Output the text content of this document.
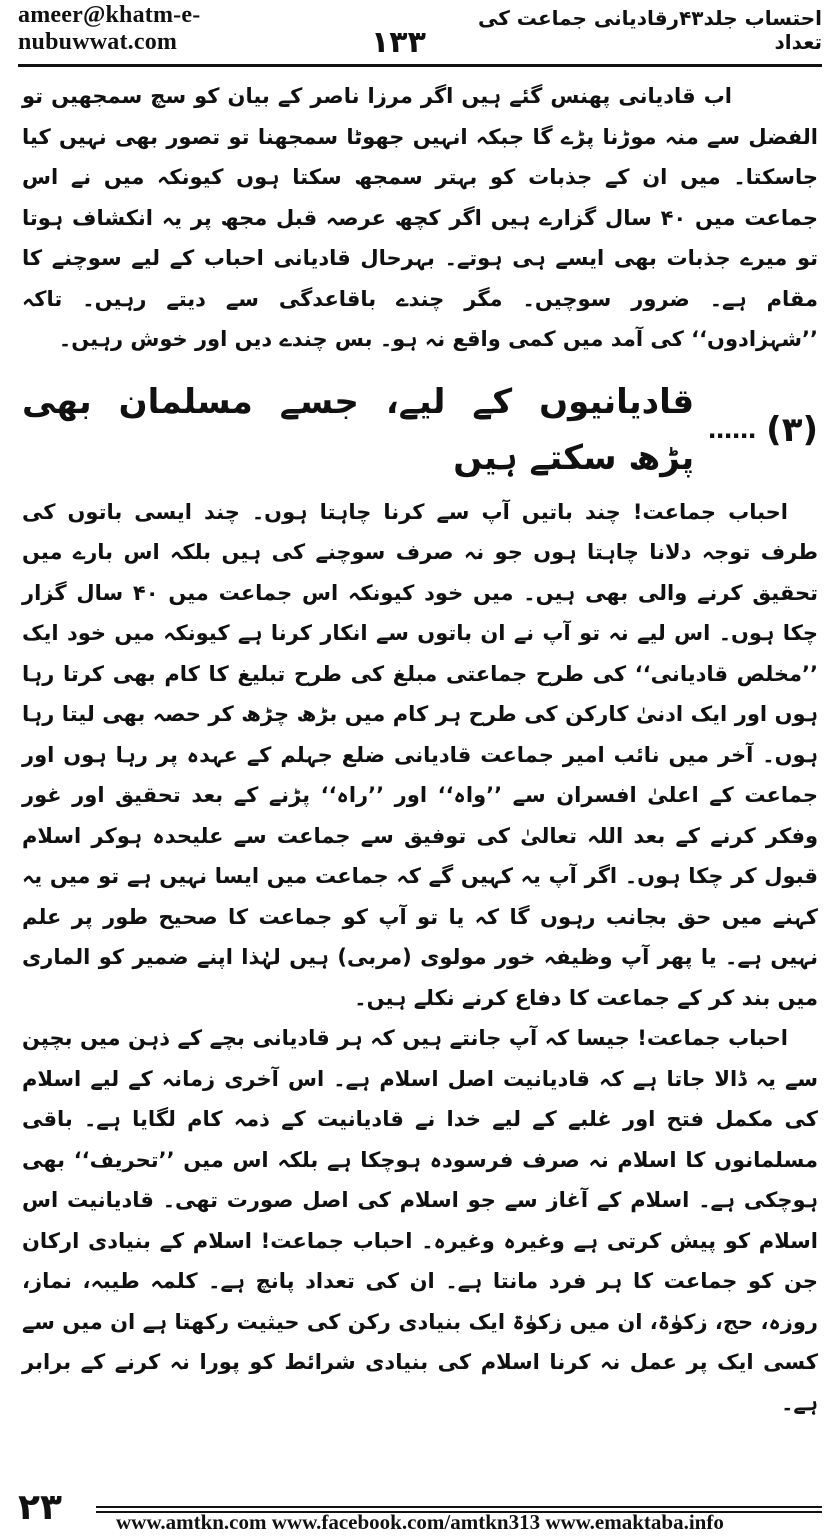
ameer@khatm-e-nubuwwat.com	۱۳۳
احتساب جلد۴۳رقادیانی جماعت کی تعداد

اب قادیانی پھنس گئے ہیں اگر مرزا ناصر کے بیان کو سچ سمجھیں تو الفضل سے منہ موڑنا پڑے گا جبکہ انہیں جھوٹا سمجھنا تو تصور بھی نہیں کیا جاسکتا۔ میں ان کے جذبات کو بہتر سمجھ سکتا ہوں کیونکہ میں نے اس جماعت میں ۴۰ سال گزارے ہیں اگر کچھ عرصہ قبل مجھ پر یہ انکشاف ہوتا تو میرے جذبات بھی ایسے ہی ہوتے۔ بہرحال قادیانی احباب کے لیے سوچنے کا مقام ہے۔ ضرور سوچیں۔ مگر چندے باقاعدگی سے دیتے رہیں۔ تاکہ ’’شہزادوں‘‘ کی آمد میں کمی واقع نہ ہو۔ بس چندے دیں اور خوش رہیں۔

(۳)
……
قادیانیوں کے لیے، جسے مسلمان بھی پڑھ سکتے ہیں

احباب جماعت! چند باتیں آپ سے کرنا چاہتا ہوں۔ چند ایسی باتوں کی طرف توجہ دلانا چاہتا ہوں جو نہ صرف سوچنے کی ہیں بلکہ اس بارے میں تحقیق کرنے والی بھی ہیں۔ میں خود کیونکہ اس جماعت میں ۴۰ سال گزار چکا ہوں۔ اس لیے نہ تو آپ نے ان باتوں سے انکار کرنا ہے کیونکہ میں خود ایک ’’مخلص قادیانی‘‘ کی طرح جماعتی مبلغ کی طرح تبلیغ کا کام بھی کرتا رہا ہوں اور ایک ادنیٰ کارکن کی طرح ہر کام میں بڑھ چڑھ کر حصہ بھی لیتا رہا ہوں۔ آخر میں نائب امیر جماعت قادیانی ضلع جہلم کے عہدہ پر رہا ہوں اور جماعت کے اعلیٰ افسران سے ’’واہ‘‘ اور ’’راہ‘‘ پڑنے کے بعد تحقیق اور غور وفکر کرنے کے بعد اللہ تعالیٰ کی توفیق سے جماعت سے علیحدہ ہوکر اسلام قبول کر چکا ہوں۔ اگر آپ یہ کہیں گے کہ جماعت میں ایسا نہیں ہے تو میں یہ کہنے میں حق بجانب رہوں گا کہ یا تو آپ کو جماعت کا صحیح طور پر علم نہیں ہے۔ یا پھر آپ وظیفہ خور مولوی (مربی) ہیں لہٰذا اپنے ضمیر کو الماری میں بند کر کے جماعت کا دفاع کرنے نکلے ہیں۔

احباب جماعت! جیسا کہ آپ جانتے ہیں کہ ہر قادیانی بچے کے ذہن میں بچپن سے یہ ڈالا جاتا ہے کہ قادیانیت اصل اسلام ہے۔ اس آخری زمانہ کے لیے اسلام کی مکمل فتح اور غلبے کے لیے خدا نے قادیانیت کے ذمہ کام لگایا ہے۔ باقی مسلمانوں کا اسلام نہ صرف فرسودہ ہوچکا ہے بلکہ اس میں ’’تحریف‘‘ بھی ہوچکی ہے۔ اسلام کے آغاز سے جو اسلام کی اصل صورت تھی۔ قادیانیت اس اسلام کو پیش کرتی ہے وغیرہ وغیرہ۔ احباب جماعت! اسلام کے بنیادی ارکان جن کو جماعت کا ہر فرد مانتا ہے۔ ان کی تعداد پانچ ہے۔ کلمہ طیبہ، نماز، روزہ، حج، زکوٰۃ، ان میں زکوٰۃ ایک بنیادی رکن کی حیثیت رکھتا ہے ان میں سے کسی ایک پر عمل نہ کرنا اسلام کی بنیادی شرائط کو پورا نہ کرنے کے برابر ہے۔

۲۳	www.amtkn.com www.facebook.com/amtkn313 www.emaktaba.info
